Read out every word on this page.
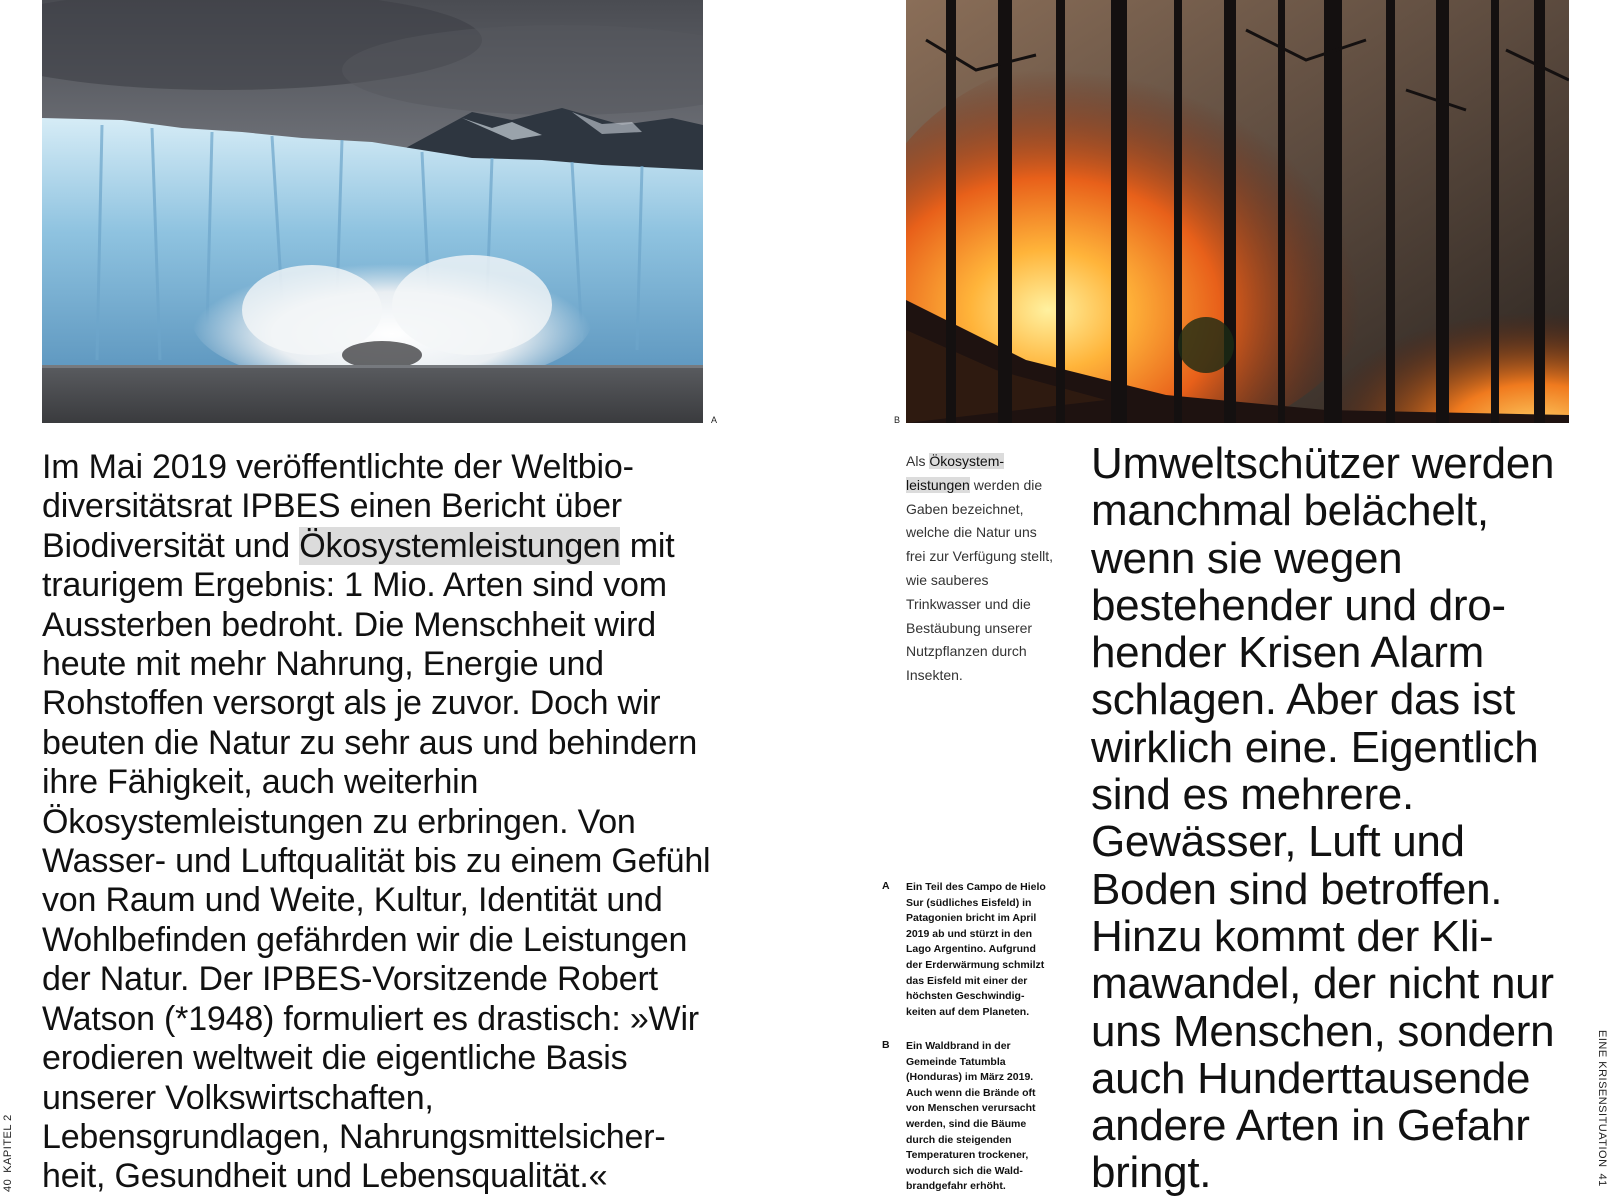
A	B
Im Mai 2019 veröffentlichte der Weltbiodiversitätsrat IPBES einen Bericht über Biodiversität und Ökosystemleistungen mit traurigem Ergebnis: 1 Mio. Arten sind vom Aussterben bedroht. Die Menschheit wird heute mit mehr Nahrung, Energie und Rohstoffen versorgt als je zuvor. Doch wir beuten die Natur zu sehr aus und behindern ihre Fähigkeit, auch weiterhin Ökosystemleistungen zu erbringen. Von Wasser- und Luftqualität bis zu einem Gefühl von Raum und Weite, Kultur, Identität und Wohlbefinden gefährden wir die Leistungen der Natur. Der IPBES-Vorsitzende Robert Watson (*1948) formuliert es drastisch: »Wir erodieren weltweit die eigentliche Basis unserer Volkswirtschaften, Lebensgrundlagen, Nahrungsmittelsicherheit, Gesundheit und Lebensqualität.«
Als Ökosystemleistungen werden die Gaben bezeichnet, welche die Natur uns frei zur Verfügung stellt, wie sauberes Trinkwasser und die Bestäubung unserer Nutzpflanzen durch Insekten.
A Ein Teil des Campo de Hielo Sur (südliches Eisfeld) in Patagonien bricht im April 2019 ab und stürzt in den Lago Argentino. Aufgrund der Erderwärmung schmilzt das Eisfeld mit einer der höchsten Geschwindigkeiten auf dem Planeten.
B Ein Waldbrand in der Gemeinde Tatumbla (Honduras) im März 2019. Auch wenn die Brände oft von Menschen verursacht werden, sind die Bäume durch die steigenden Temperaturen trockener, wodurch sich die Waldbrandgefahr erhöht.
Umweltschützer werden manchmal belächelt, wenn sie wegen bestehender und drohender Krisen Alarm schlagen. Aber das ist wirklich eine. Eigentlich sind es mehrere. Gewässer, Luft und Boden sind betroffen. Hinzu kommt der Klimawandel, der nicht nur uns Menschen, sondern auch Hunderttausende andere Arten in Gefahr bringt.
40KAPITEL 2	EINE KRISENSITUATION41
